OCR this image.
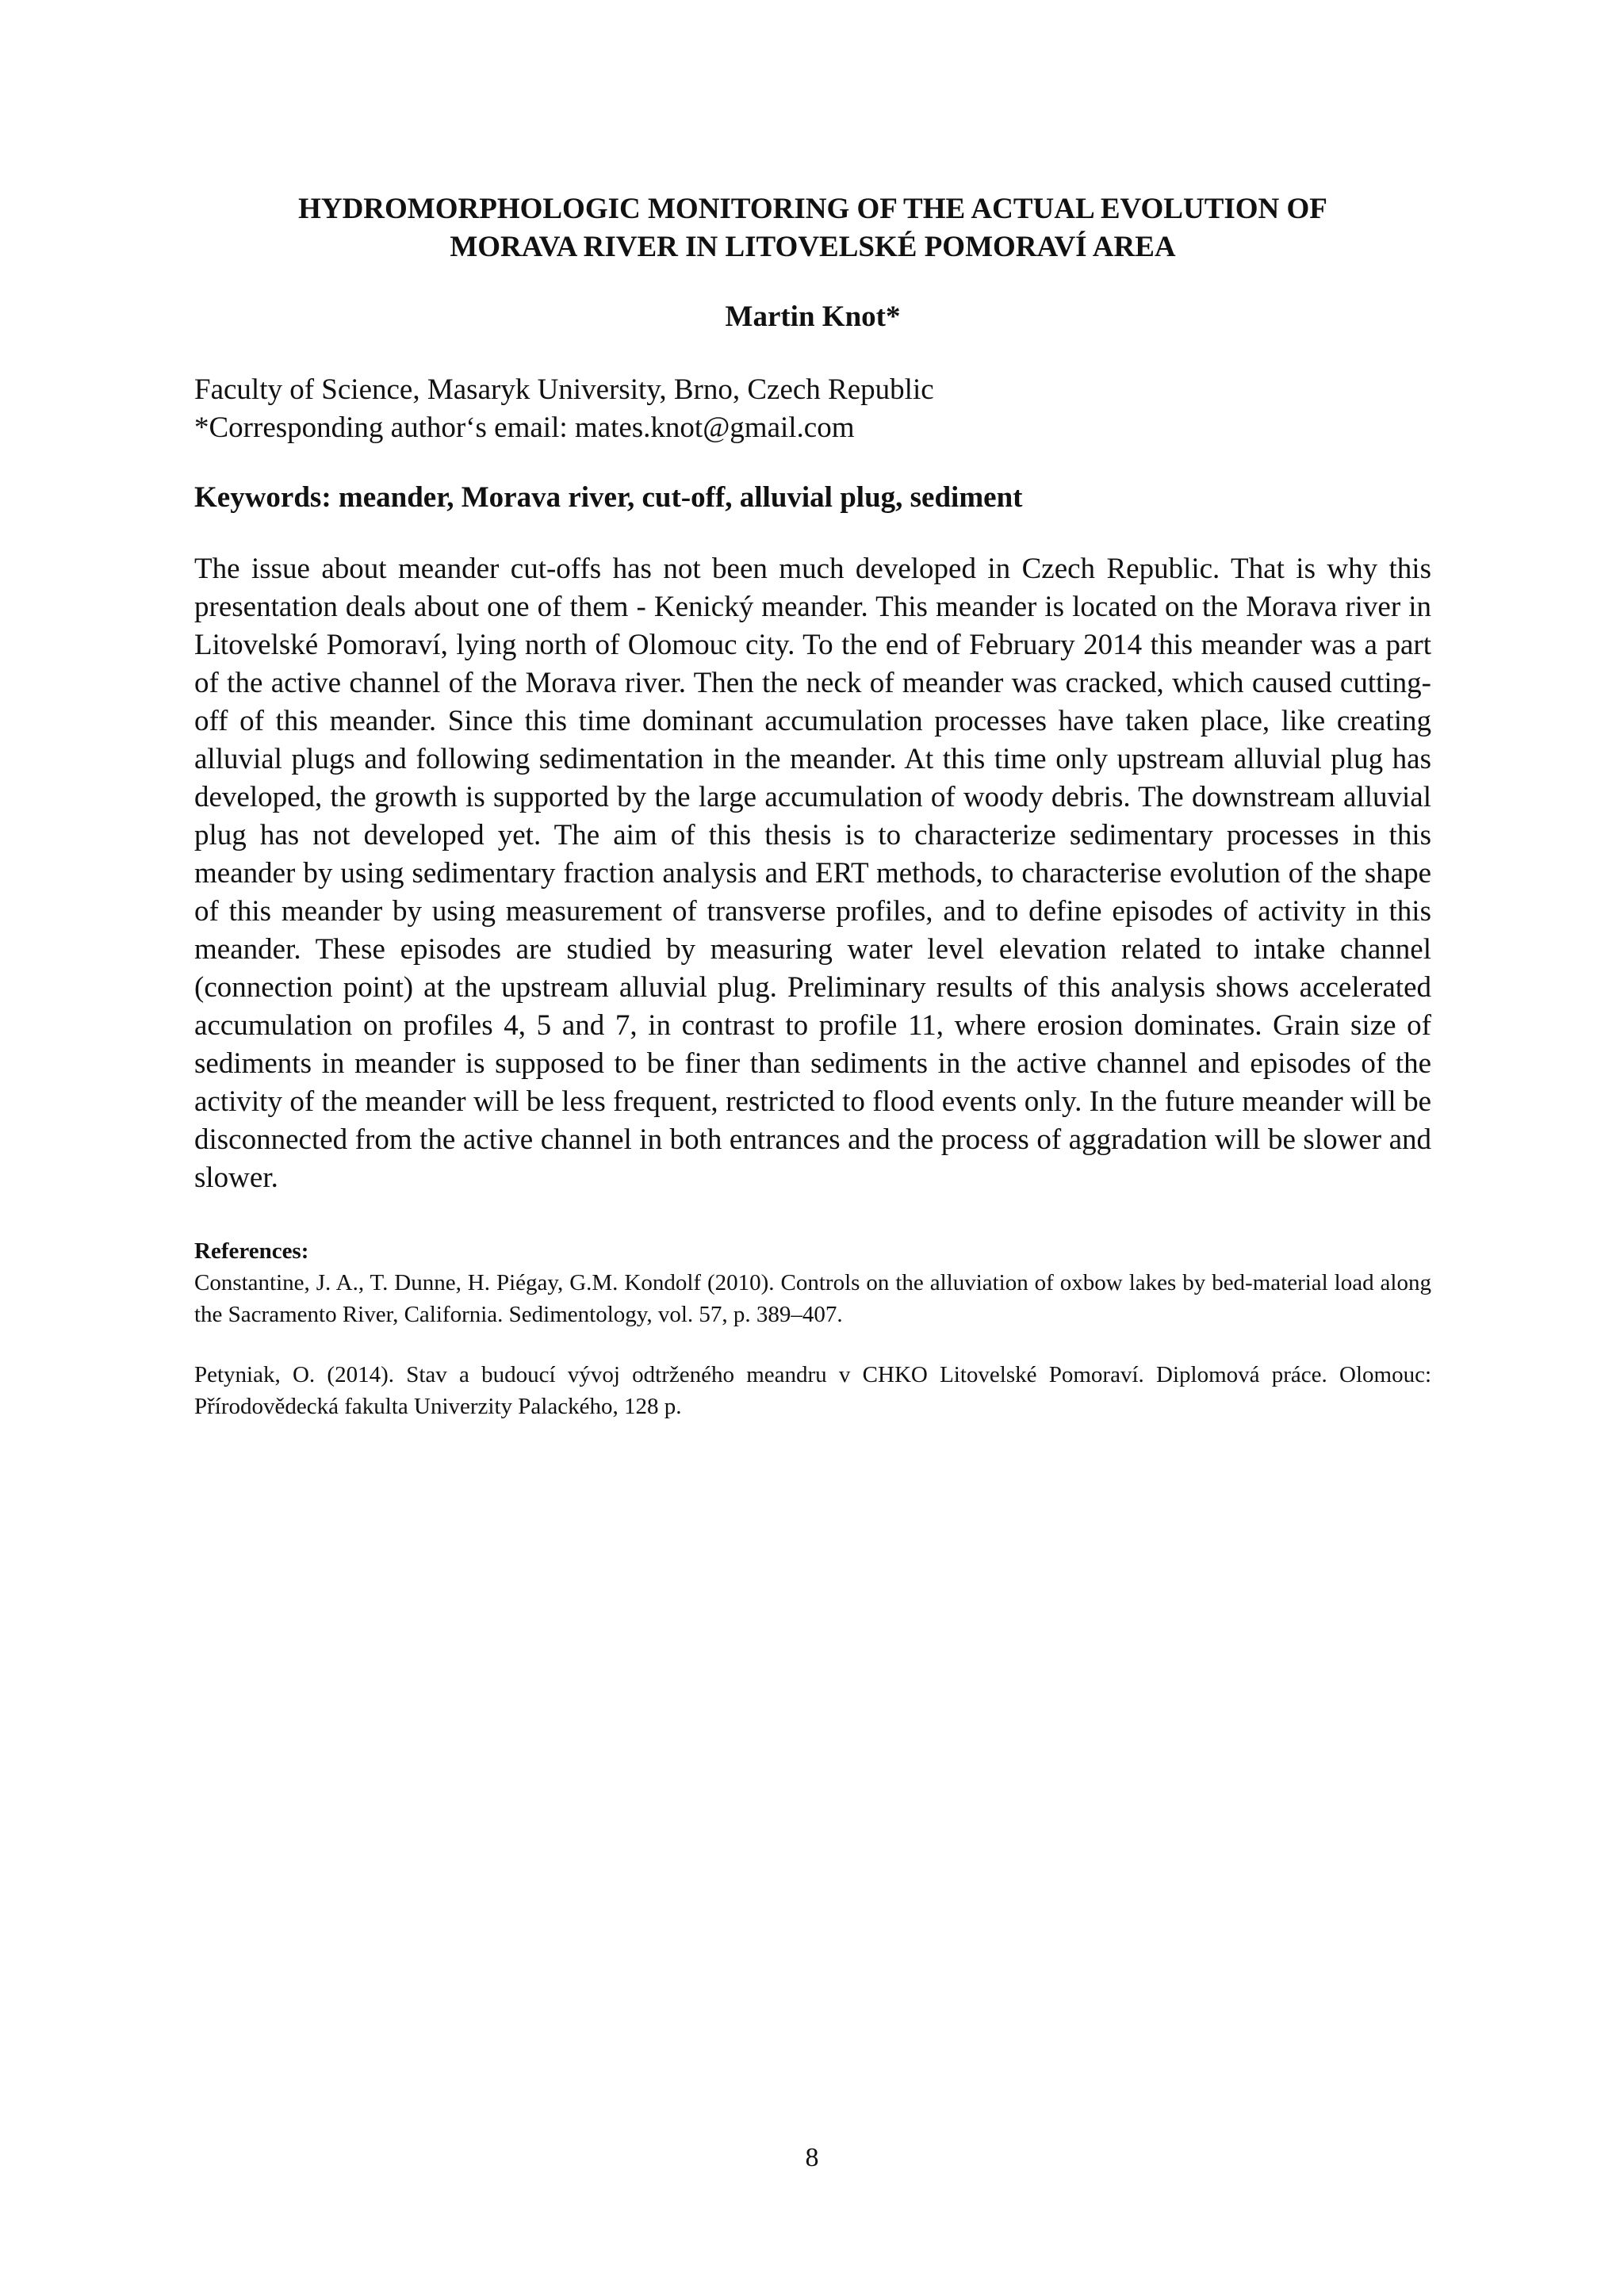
HYDROMORPHOLOGIC MONITORING OF THE ACTUAL EVOLUTION OF
MORAVA RIVER IN LITOVELSKÉ POMORAVÍ AREA
Martin Knot*
Faculty of Science, Masaryk University, Brno, Czech Republic
*Corresponding author‘s email: mates.knot@gmail.com
Keywords: meander, Morava river, cut-off, alluvial plug, sediment

The issue about meander cut-offs has not been much developed in Czech Republic. That is why this presentation deals about one of them - Kenický meander. This meander is located on the Morava river in Litovelské Pomoraví, lying north of Olomouc city. To the end of February 2014 this meander was a part of the active channel of the Morava river. Then the neck of meander was cracked, which caused cutting-off of this meander. Since this time dominant accumulation processes have taken place, like creating alluvial plugs and following sedimentation in the meander. At this time only upstream alluvial plug has developed, the growth is supported by the large accumulation of woody debris. The downstream alluvial plug has not developed yet. The aim of this thesis is to characterize sedimentary processes in this meander by using sedimentary fraction analysis and ERT methods, to characterise evolution of the shape of this meander by using measurement of transverse profiles, and to define episodes of activity in this meander. These episodes are studied by measuring water level elevation related to intake channel (connection point) at the upstream alluvial plug. Preliminary results of this analysis shows accelerated accumulation on profiles 4, 5 and 7, in contrast to profile 11, where erosion dominates. Grain size of sediments in meander is supposed to be finer than sediments in the active channel and episodes of the activity of the meander will be less frequent, restricted to flood events only. In the future meander will be disconnected from the active channel in both entrances and the process of aggradation will be slower and slower.

References:

Constantine, J. A., T. Dunne, H. Piégay, G.M. Kondolf (2010). Controls on the alluviation of oxbow lakes by bed-material load along the Sacramento River, California. Sedimentology, vol. 57, p. 389–407.

Petyniak, O. (2014). Stav a budoucí vývoj odtrženého meandru v CHKO Litovelské Pomoraví. Diplomová práce. Olomouc: Přírodovědecká fakulta Univerzity Palackého, 128 p.

8
